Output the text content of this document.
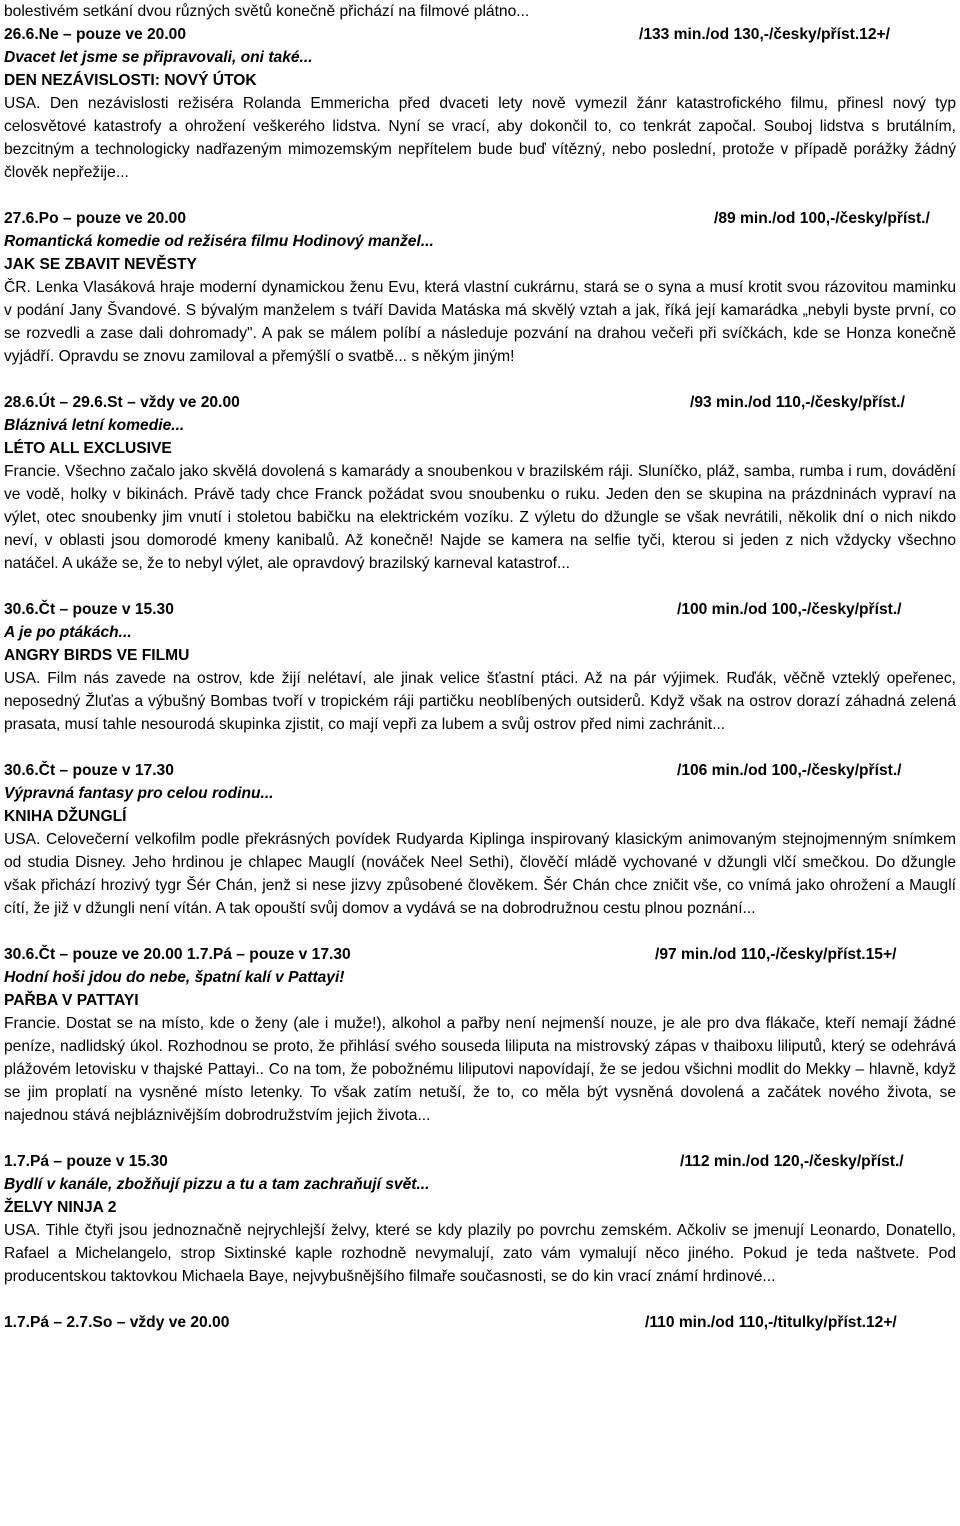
bolestivém setkání dvou různých světů konečně přichází na filmové plátno...

26.6.Ne – pouze ve 20.00	/133 min./od 130,-/česky/příst.12+/
Dvacet let jsme se připravovali, oni také...
DEN NEZÁVISLOSTI: NOVÝ ÚTOK

USA. Den nezávislosti režiséra Rolanda Emmericha před dvaceti lety nově vymezil žánr katastrofického filmu, přinesl nový typ celosvětové katastrofy a ohrožení veškerého lidstva. Nyní se vrací, aby dokončil to, co tenkrát započal. Souboj lidstva s brutálním, bezcitným a technologicky nadřazeným mimozemským nepřítelem bude buď vítězný, nebo poslední, protože v případě porážky žádný člověk nepřežije...

27.6.Po – pouze ve 20.00	/89 min./od 100,-/česky/příst./
Romantická komedie od režiséra filmu Hodinový manžel...
JAK SE ZBAVIT NEVĚSTY

ČR. Lenka Vlasáková hraje moderní dynamickou ženu Evu, která vlastní cukrárnu, stará se o syna a musí krotit svou rázovitou maminku v podání Jany Švandové. S bývalým manželem s tváří Davida Matáska má skvělý vztah a jak, říká její kamarádka „nebyli byste první, co se rozvedli a zase dali dohromady". A pak se málem políbí a následuje pozvání na drahou večeři při svíčkách, kde se Honza konečně vyjádří. Opravdu se znovu zamiloval a přemýšlí o svatbě... s někým jiným!

28.6.Út – 29.6.St – vždy ve 20.00	/93 min./od 110,-/česky/příst./
Bláznivá letní komedie...
LÉTO ALL EXCLUSIVE

Francie. Všechno začalo jako skvělá dovolená s kamarády a snoubenkou v brazilském ráji. Sluníčko, pláž, samba, rumba i rum, dovádění ve vodě, holky v bikinách. Právě tady chce Franck požádat svou snoubenku o ruku. Jeden den se skupina na prázdninách vypraví na výlet, otec snoubenky jim vnutí i stoletou babičku na elektrickém vozíku. Z výletu do džungle se však nevrátili, několik dní o nich nikdo neví, v oblasti jsou domorodé kmeny kanibalů. Až konečně! Najde se kamera na selfie tyči, kterou si jeden z nich vždycky všechno natáčel. A ukáže se, že to nebyl výlet, ale opravdový brazilský karneval katastrof...

30.6.Čt – pouze v 15.30	/100 min./od 100,-/česky/příst./
A je po ptákách...
ANGRY BIRDS VE FILMU

USA. Film nás zavede na ostrov, kde žijí nelétaví, ale jinak velice šťastní ptáci. Až na pár výjimek. Ruďák, věčně vzteklý opeřenec, neposedný Žluťas a výbušný Bombas tvoří v tropickém ráji partičku neoblíbených outsiderů. Když však na ostrov dorazí záhadná zelená prasata, musí tahle nesourodá skupinka zjistit, co mají vepři za lubem a svůj ostrov před nimi zachránit...

30.6.Čt – pouze v 17.30	/106 min./od 100,-/česky/příst./
Výpravná fantasy pro celou rodinu...
KNIHA DŽUNGLÍ

USA. Celovečerní velkofilm podle překrásných povídek Rudyarda Kiplinga inspirovaný klasickým animovaným stejnojmenným snímkem od studia Disney. Jeho hrdinou je chlapec Mauglí (nováček Neel Sethi), člověčí mládě vychované v džungli vlčí smečkou. Do džungle však přichází hrozivý tygr Šér Chán, jenž si nese jizvy způsobené člověkem. Šér Chán chce zničit vše, co vnímá jako ohrožení a Mauglí cítí, že již v džungli není vítán. A tak opouští svůj domov a vydává se na dobrodružnou cestu plnou poznání...

30.6.Čt – pouze ve 20.00 1.7.Pá – pouze v 17.30	/97 min./od 110,-/česky/příst.15+/
Hodní hoši jdou do nebe, špatní kalí v Pattayi!
PAŘBA V PATTAYI

Francie. Dostat se na místo, kde o ženy (ale i muže!), alkohol a pařby není nejmenší nouze, je ale pro dva flákače, kteří nemají žádné peníze, nadlidský úkol. Rozhodnou se proto, že přihlásí svého souseda liliputa na mistrovský zápas v thaiboxu liliputů, který se odehrává plážovém letovisku v thajské Pattayi.. Co na tom, že pobožnému liliputovi napovídají, že se jedou všichni modlit do Mekky – hlavně, když se jim proplatí na vysněné místo letenky. To však zatím netuší, že to, co měla být vysněná dovolená a začátek nového života, se najednou stává nejbláznivějším dobrodružstvím jejich života...

1.7.Pá – pouze v 15.30	/112 min./od 120,-/česky/příst./
Bydlí v kanále, zbožňují pizzu a tu a tam zachraňují svět...
ŽELVY NINJA 2

USA. Tihle čtyři jsou jednoznačně nejrychlejší želvy, které se kdy plazily po povrchu zemském. Ačkoliv se jmenují Leonardo, Donatello, Rafael a Michelangelo, strop Sixtinské kaple rozhodně nevymalují, zato vám vymalují něco jiného. Pokud je teda naštvete. Pod producentskou taktovkou Michaela Baye, nejvybušnějšího filmaře současnosti, se do kin vrací známí hrdinové...

1.7.Pá – 2.7.So – vždy ve 20.00	/110 min./od 110,-/titulky/příst.12+/
